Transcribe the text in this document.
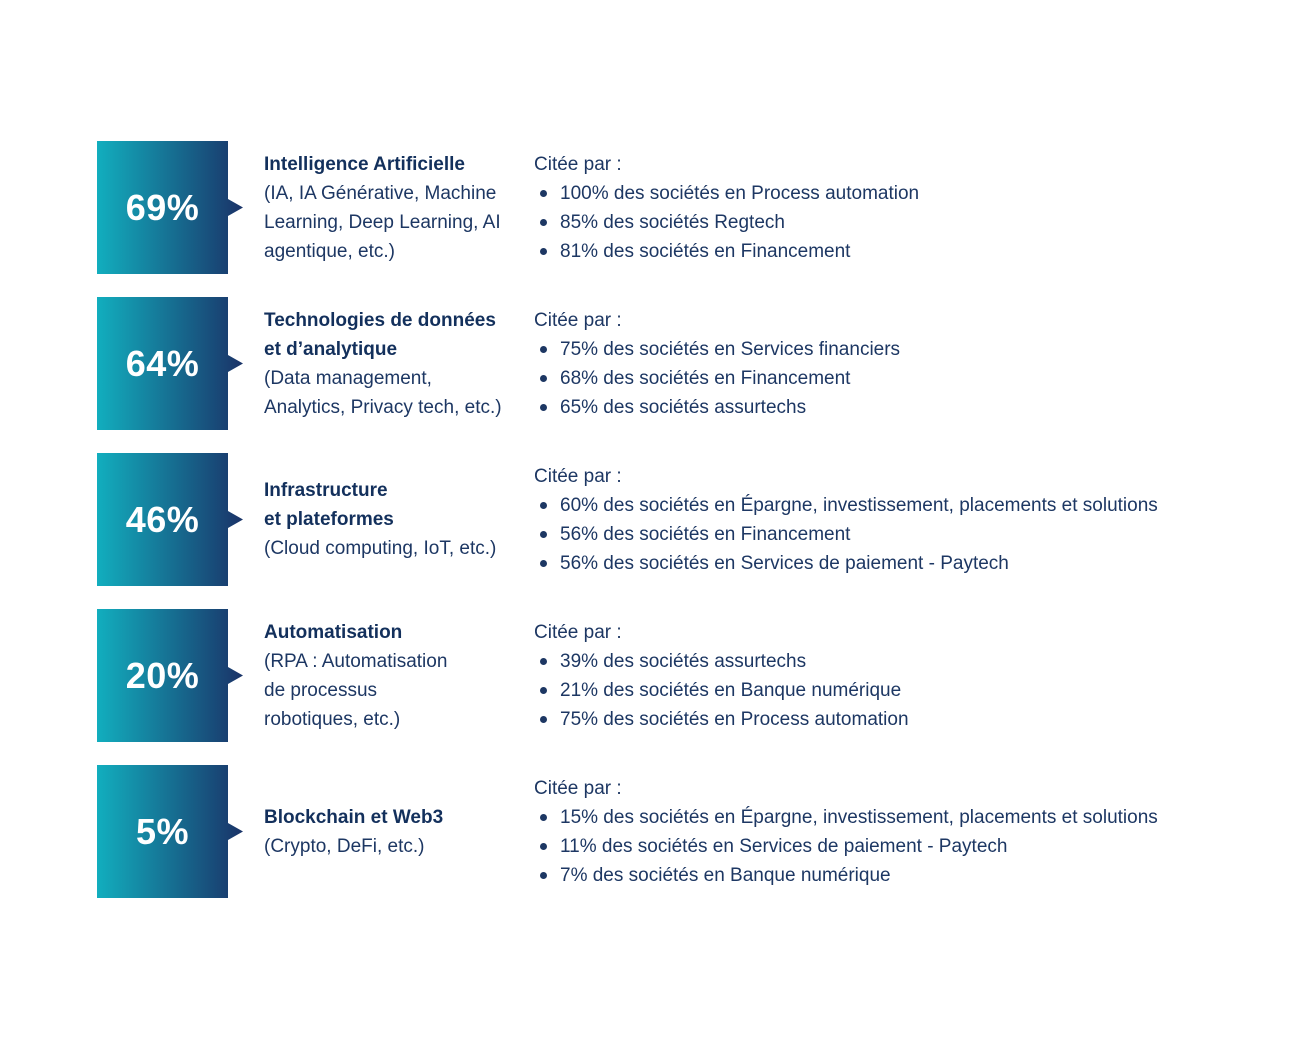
69%
Intelligence Artificielle
(IA, IA Générative, Machine
Learning, Deep Learning, AI
agentique, etc.)
Citée par :
100% des sociétés en Process automation
85% des sociétés Regtech
81% des sociétés en Financement
64%
Technologies de données
et d’analytique
(Data management,
Analytics, Privacy tech, etc.)
Citée par :
75% des sociétés en Services financiers
68% des sociétés en Financement
65% des sociétés assurtechs
46%
Infrastructure
et plateformes
(Cloud computing, IoT, etc.)
Citée par :
60% des sociétés en Épargne, investissement, placements et solutions
56% des sociétés en Financement
56% des sociétés en Services de paiement - Paytech
20%
Automatisation
(RPA : Automatisation
de processus
robotiques, etc.)
Citée par :
39% des sociétés assurtechs
21% des sociétés en Banque numérique
75% des sociétés en Process automation
5%	Blockchain et Web3
(Crypto, DeFi, etc.)
Citée par :
15% des sociétés en Épargne, investissement, placements et solutions
11% des sociétés en Services de paiement - Paytech
7% des sociétés en Banque numérique
